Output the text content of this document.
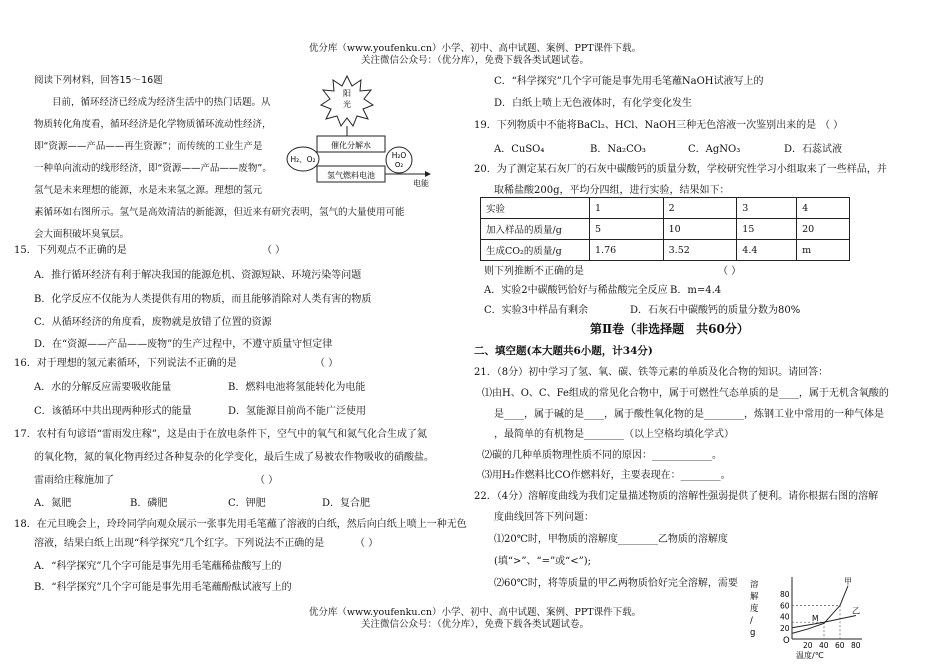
优分库（www.youfenku.cn）小学、初中、高中试题、案例、PPT课件下载。
关注微信公众号：（优分库），免费下载各类试题试卷。
优分库（www.youfenku.cn）小学、初中、高中试题、案例、PPT课件下载。
关注微信公众号：（优分库），免费下载各类试题试卷。
阅读下列材料，回答15～16题
目前，循环经济已经成为经济生活中的热门话题。从
物质转化角度看，循环经济是化学物质循环流动性经济，
即“资源——产品——再生资源”；而传统的工业生产是
一种单向流动的线形经济，即“资源——产品——废物”。
氢气是未来理想的能源，水是未来氢之源。理想的氢元
素循环如右图所示。氢气是高效清洁的新能源，但近来有研究表明，氢气的大量使用可能
会大面积破坏臭氧层。
阳
光
催化分解水
氢气燃料电池
H₂、O₂	H₂O
O₂
电能
15．下列观点不正确的是	（ ）
A．推行循环经济有利于解决我国的能源危机、资源短缺、环境污染等问题
B．化学反应不仅能为人类提供有用的物质，而且能够消除对人类有害的物质
C．从循环经济的角度看，废物就是放错了位置的资源
D．在“资源——产品——废物”的生产过程中，不遵守质量守恒定律
16．对于理想的氢元素循环，下列说法不正确的是	（ ）
A．水的分解反应需要吸收能量	B．燃料电池将氢能转化为电能
C．该循环中共出现两种形式的能量	D．氢能源目前尚不能广泛使用
17．农村有句谚语“雷雨发庄稼”，这是由于在放电条件下，空气中的氧气和氮气化合生成了氮
的氧化物，氮的氧化物再经过各种复杂的化学变化，最后生成了易被农作物吸收的硝酸盐。
雷雨给庄稼施加了	（ ）
A．氮肥	B．磷肥	C．钾肥	D．复合肥
18．在元旦晚会上，玲玲同学向观众展示一张事先用毛笔蘸了溶液的白纸，然后向白纸上喷上一种无色
溶液，结果白纸上出现“科学探究”几个红字。下列说法不正确的是	（ ）
A．“科学探究”几个字可能是事先用毛笔蘸稀盐酸写上的
B．“科学探究”几个字可能是事先用毛笔蘸酚酞试液写上的
C．“科学探究”几个字可能是事先用毛笔蘸NaOH试液写上的
D．白纸上喷上无色液体时，有化学变化发生
19．下列物质中不能将BaCl₂、HCl、NaOH三种无色溶液一次鉴别出来的是 （ ）
A．CuSO₄	B．Na₂CO₃	C．AgNO₃	D．石蕊试液
20．为了测定某石灰厂的石灰中碳酸钙的质量分数，学校研究性学习小组取来了一些样品，并
取稀盐酸200g，平均分四组，进行实验，结果如下：
实验	1	2	3	4
加入样品的质量/g	5	10	15	20
生成CO₂的质量/g	1.76	3.52	4.4	m
则下列推断不正确的是	（ ）
A．实验2中碳酸钙恰好与稀盐酸完全反应 B．m=4.4
C．实验3中样品有剩余	D．石灰石中碳酸钙的质量分数为80%
第Ⅱ卷（非选择题　共60分）
二、填空题(本大题共6小题，计34分)
21．（8分）初中学习了氢、氧、碳、铁等元素的单质及化合物的知识。请回答：
⑴由H、O、C、Fe组成的常见化合物中，属于可燃性气态单质的是____，属于无机含氧酸的
是____，属于碱的是____，属于酸性氧化物的是________，炼钢工业中常用的一种气体是
，最简单的有机物是________（以上空格均填化学式）
⑵碳的几种单质物理性质不同的原因：____________。
⑶用H₂作燃料比CO作燃料好，主要表现在：________。
22．（4分）溶解度曲线为我们定量描述物质的溶解性强弱提供了便利。请你根据右图的溶解
度曲线回答下列问题：
⑴20℃时，甲物质的溶解度________乙物质的溶解度
(填“>”、“=”或“<”);
⑵60℃时，将等质量的甲乙两物质恰好完全溶解，需要 溶
解
度
/
g
O
20
40
60
80
20 40 60 80
温度/℃
甲
乙
M
